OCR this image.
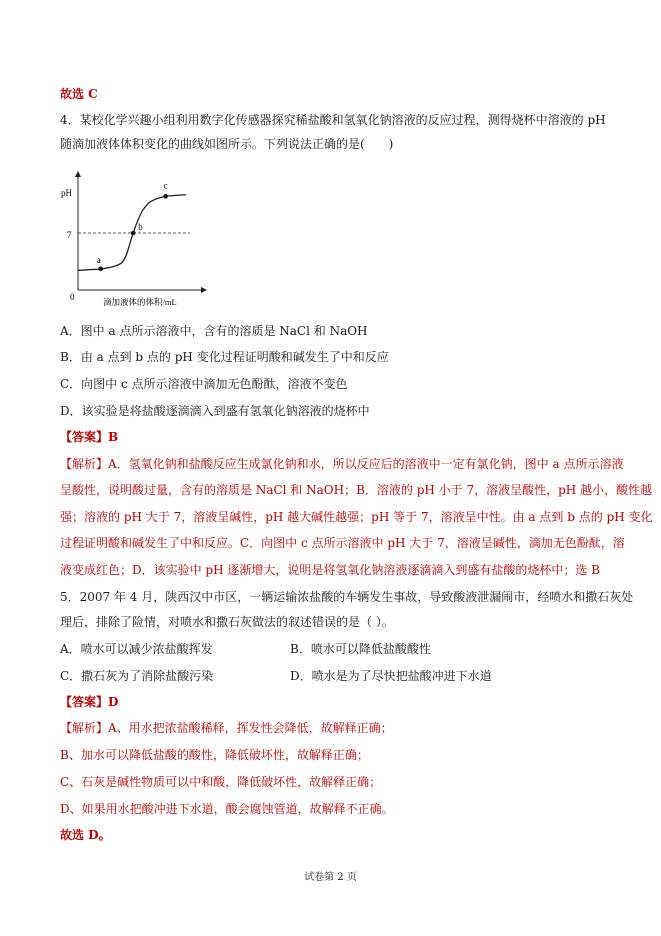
故选 C
4．某校化学兴趣小组利用数字化传感器探究稀盐酸和氢氧化钠溶液的反应过程，测得烧杯中溶液的 pH
随滴加液体体积变化的曲线如图所示。下列说法正确的是(　　)
pH
0
7
滴加液体的体积/mL
a
b
c
A．图中 a 点所示溶液中，含有的溶质是 NaCl 和 NaOH
B．由 a 点到 b 点的 pH 变化过程证明酸和碱发生了中和反应
C．向图中 c 点所示溶液中滴加无色酚酞，溶液不变色
D．该实验是将盐酸逐滴滴入到盛有氢氧化钠溶液的烧杯中
【答案】B
【解析】A．氢氧化钠和盐酸反应生成氯化钠和水，所以反应后的溶液中一定有氯化钠，图中 a 点所示溶液
呈酸性，说明酸过量，含有的溶质是 NaCl 和 NaOH；B．溶液的 pH 小于 7，溶液呈酸性，pH 越小，酸性越
强；溶液的 pH 大于 7，溶液呈碱性，pH 越大碱性越强；pH 等于 7，溶液呈中性。由 a 点到 b 点的 pH 变化
过程证明酸和碱发生了中和反应。C．向图中 c 点所示溶液中 pH 大于 7，溶液呈碱性，滴加无色酚酞，溶
液变成红色；D．该实验中 pH 逐渐增大，说明是将氢氧化钠溶液逐滴滴入到盛有盐酸的烧杯中；选 B
5．2007 年 4 月，陕西汉中市区，一辆运输浓盐酸的车辆发生事故，导致酸液泄漏闹市，经喷水和撒石灰处
理后，排除了险情，对喷水和撒石灰做法的叙述错误的是（ ）。
A．喷水可以减少浓盐酸挥发	B．喷水可以降低盐酸酸性
C．撒石灰为了消除盐酸污染	D．喷水是为了尽快把盐酸冲进下水道
【答案】D
【解析】A、用水把浓盐酸稀释，挥发性会降低，故解释正确；
B、加水可以降低盐酸的酸性，降低破坏性，故解释正确；
C、石灰是碱性物质可以中和酸，降低破坏性，故解释正确；
D、如果用水把酸冲进下水道，酸会腐蚀管道，故解释不正确。
故选 D。
试卷第 2 页
